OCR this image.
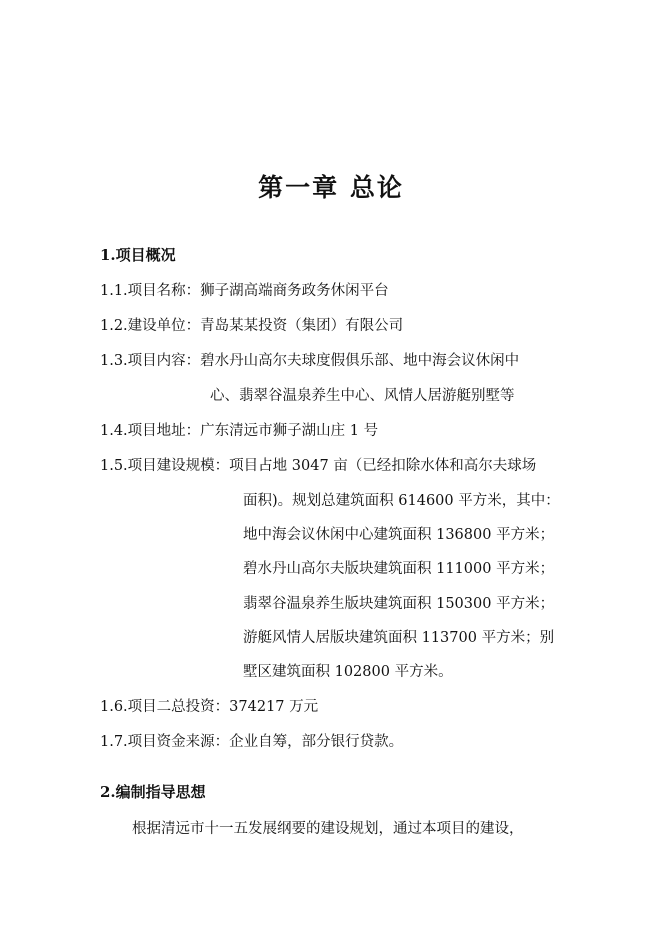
第一章 总论
1.项目概况
1.1.项目名称：狮子湖高端商务政务休闲平台
1.2.建设单位：青岛某某投资（集团）有限公司
1.3.项目内容：碧水丹山高尔夫球度假俱乐部、地中海会议休闲中
心、翡翠谷温泉养生中心、风情人居游艇别墅等
1.4.项目地址：广东清远市狮子湖山庄 1 号
1.5.项目建设规模：项目占地 3047 亩（已经扣除水体和高尔夫球场
面积)。规划总建筑面积 614600 平方米，其中：
地中海会议休闲中心建筑面积 136800 平方米；
碧水丹山高尔夫版块建筑面积 111000 平方米；
翡翠谷温泉养生版块建筑面积 150300 平方米；
游艇风情人居版块建筑面积 113700 平方米；别
墅区建筑面积 102800 平方米。
1.6.项目二总投资：374217 万元
1.7.项目资金来源：企业自筹，部分银行贷款。
2.编制指导思想
根据清远市十一五发展纲要的建设规划，通过本项目的建设，
